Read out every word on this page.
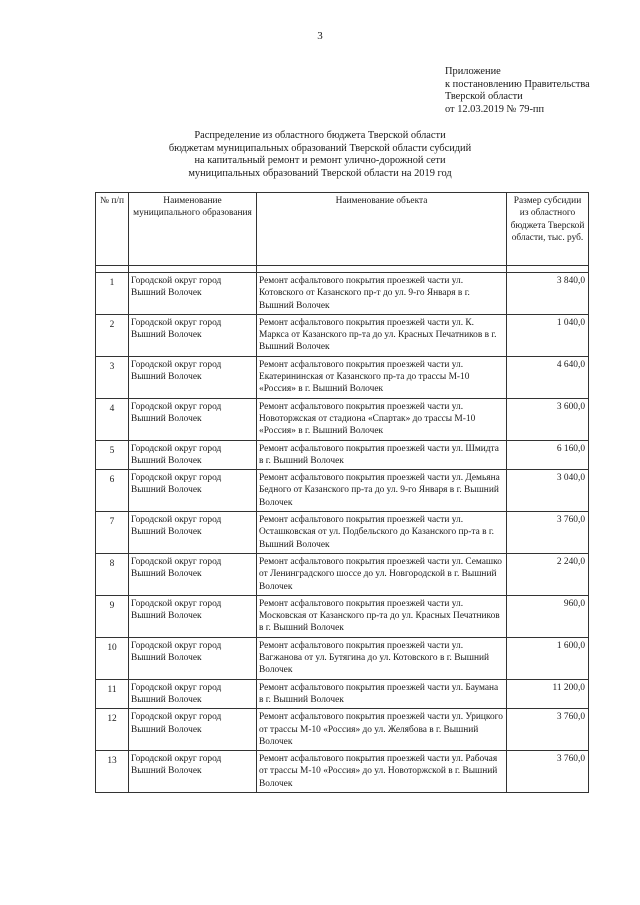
3
Приложение
к постановлению Правительства
Тверской области
от 12.03.2019 № 79-пп
Распределение из областного бюджета Тверской области
бюджетам муниципальных образований Тверской области субсидий
на капитальный ремонт и ремонт улично-дорожной сети
муниципальных образований Тверской области на 2019 год
№ п/п	Наименование муниципального образования	Наименование объекта	Размер субсидии из областного бюджета Тверской области, тыс. руб.

1	Городской округ город Вышний Волочек	Ремонт асфальтового покрытия проезжей части ул. Котовского от Казанского пр-т до ул. 9-го Января в г. Вышний Волочек	3 840,0
2	Городской округ город Вышний Волочек	Ремонт асфальтового покрытия проезжей части ул. К. Маркса от Казанского пр-та до ул. Красных Печатников в г. Вышний Волочек	1 040,0
3	Городской округ город Вышний Волочек	Ремонт асфальтового покрытия проезжей части ул. Екатерининская от Казанского пр-та до трассы М-10 «Россия» в г. Вышний Волочек	4 640,0
4	Городской округ город Вышний Волочек	Ремонт асфальтового покрытия проезжей части ул. Новоторжская от стадиона «Спартак» до трассы М-10 «Россия» в г. Вышний Волочек	3 600,0
5	Городской округ город Вышний Волочек	Ремонт асфальтового покрытия проезжей части ул. Шмидта в г. Вышний Волочек	6 160,0
6	Городской округ город Вышний Волочек	Ремонт асфальтового покрытия проезжей части ул. Демьяна Бедного от Казанского пр-та до ул. 9-го Января в г. Вышний Волочек	3 040,0
7	Городской округ город Вышний Волочек	Ремонт асфальтового покрытия проезжей части ул. Осташковская от ул. Подбельского до Казанского пр-та в г. Вышний Волочек	3 760,0
8	Городской округ город Вышний Волочек	Ремонт асфальтового покрытия проезжей части ул. Семашко от Ленинградского шоссе до ул. Новгородской в г. Вышний Волочек	2 240,0
9	Городской округ город Вышний Волочек	Ремонт асфальтового покрытия проезжей части ул. Московская от Казанского пр-та до ул. Красных Печатников в г. Вышний Волочек	960,0
10	Городской округ город Вышний Волочек	Ремонт асфальтового покрытия проезжей части ул. Вагжанова от ул. Бутягина до ул. Котовского в г. Вышний Волочек	1 600,0
11	Городской округ город Вышний Волочек	Ремонт асфальтового покрытия проезжей части ул. Баумана в г. Вышний Волочек	11 200,0
12	Городской округ город Вышний Волочек	Ремонт асфальтового покрытия проезжей части ул. Урицкого от трассы М-10 «Россия» до ул. Желябова в г. Вышний Волочек	3 760,0
13	Городской округ город Вышний Волочек	Ремонт асфальтового покрытия проезжей части ул. Рабочая от трассы М-10 «Россия» до ул. Новоторжской в г. Вышний Волочек	3 760,0
